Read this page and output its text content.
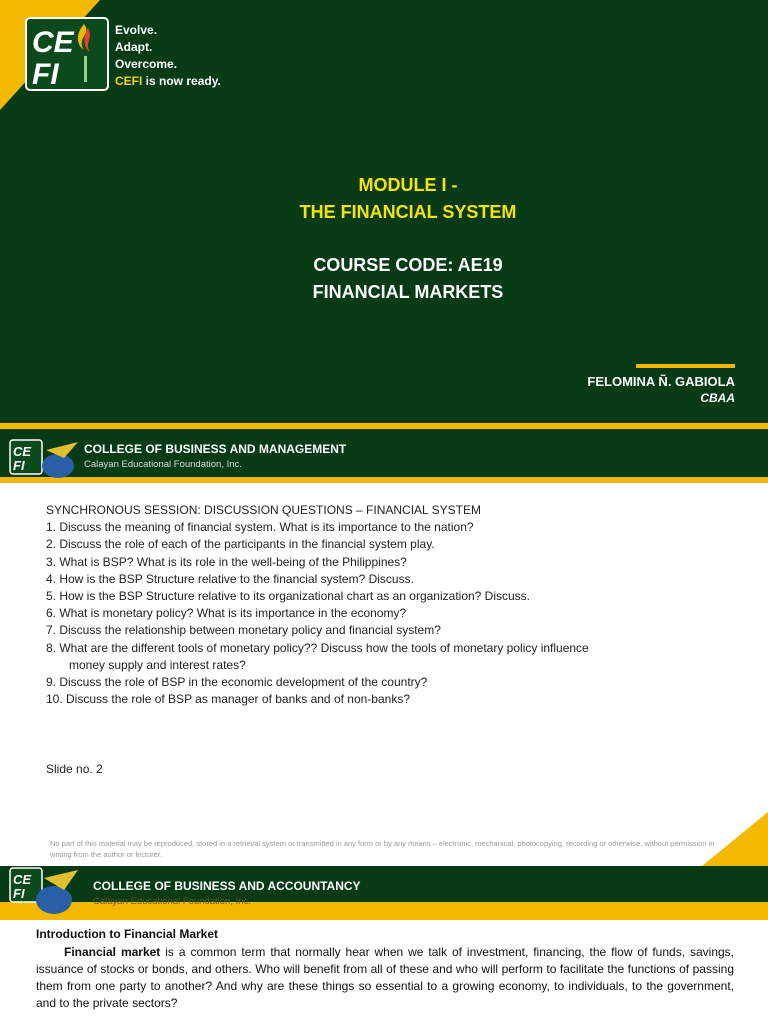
CE
FI
Evolve.
Adapt.
Overcome.
CEFI is now ready.
MODULE I -
THE FINANCIAL SYSTEM
COURSE CODE: AE19
FINANCIAL MARKETS
FELOMINA Ñ. GABIOLA
CBAA
CE
FI
COLLEGE OF BUSINESS AND MANAGEMENT
Calayan Educational Foundation, Inc.
SYNCHRONOUS SESSION: DISCUSSION QUESTIONS – FINANCIAL SYSTEM
1. Discuss the meaning of financial system. What is its importance to the nation?
2. Discuss the role of each of the participants in the financial system play.
3. What is BSP? What is its role in the well-being of the Philippines?
4. How is the BSP Structure relative to the financial system? Discuss.
5. How is the BSP Structure relative to its organizational chart as an organization? Discuss.
6. What is monetary policy? What is its importance in the economy?
7. Discuss the relationship between monetary policy and financial system?
8. What are the different tools of monetary policy?? Discuss how the tools of monetary policy influence
money supply and interest rates?
9. Discuss the role of BSP in the economic development of the country?
10. Discuss the role of BSP as manager of banks and of non-banks?
Slide no. 2
No part of this material may be reproduced, stored in a retrieval system or transmitted in any form or by any means – electronic, mechanical, photocopying, recording or otherwise, without permission in writing from the author or lecturer.
CE
FI	COLLEGE OF BUSINESS AND ACCOUNTANCY
Calayan Educational Foundation, Inc.
Introduction to Financial Market
Financial market is a common term that normally hear when we talk of investment, financing, the flow of funds, savings, issuance of stocks or bonds, and others. Who will benefit from all of these and who will perform to facilitate the functions of passing them from one party to another? And why are these things so essential to a growing economy, to individuals, to the government, and to the private sectors?
